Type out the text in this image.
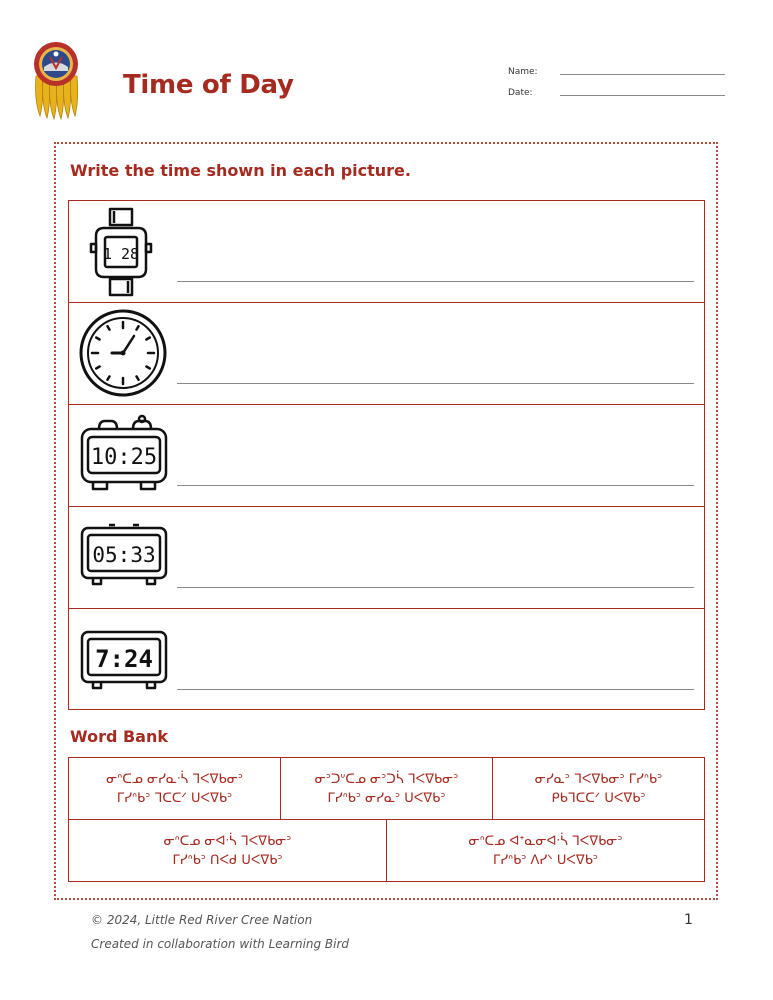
Time of Day	Name:
Date:
Write the time shown in each picture.
1 28
10:25
05:33
7:24
Word Bank
ᓂᐢᑕᓄ ᓂᓯᓇᐧᓵ ᒣᐸᐁᑲᓂᐣ
ᒥᓯᐢᑲᐣ ᒣᑕᑕᐟ ᑌᐸᐁᑲᐣ
ᓂᐣᑐᐡᑕᓄ ᓂᐣᑐᓵ ᒣᐸᐁᑲᓂᐣ
ᒥᓯᐢᑲᐣ ᓂᓯᓇᐣ ᑌᐸᐁᑲᐣ
ᓂᓯᓇᐣ ᒣᐸᐁᑲᓂᐣ ᒥᓯᐢᑲᐣ
ᑭᑲᒣᑕᑕᐟ ᑌᐸᐁᑲᐣ
ᓂᐢᑕᓄ ᓂᐊᐧᓵ ᒣᐸᐁᑲᓂᐣ
ᒥᓯᐢᑲᐣ ᑎᐸᑯ ᑌᐸᐁᑲᐣ
ᓂᐢᑕᓄ ᐊᐩᓇᓂᐊᐧᓵ ᒣᐸᐁᑲᓂᐣ
ᒥᓯᐢᑲᐣ ᐱᓯᐠ ᑌᐸᐁᑲᐣ
© 2024, Little Red River Cree Nation
Created in collaboration with Learning Bird
1
